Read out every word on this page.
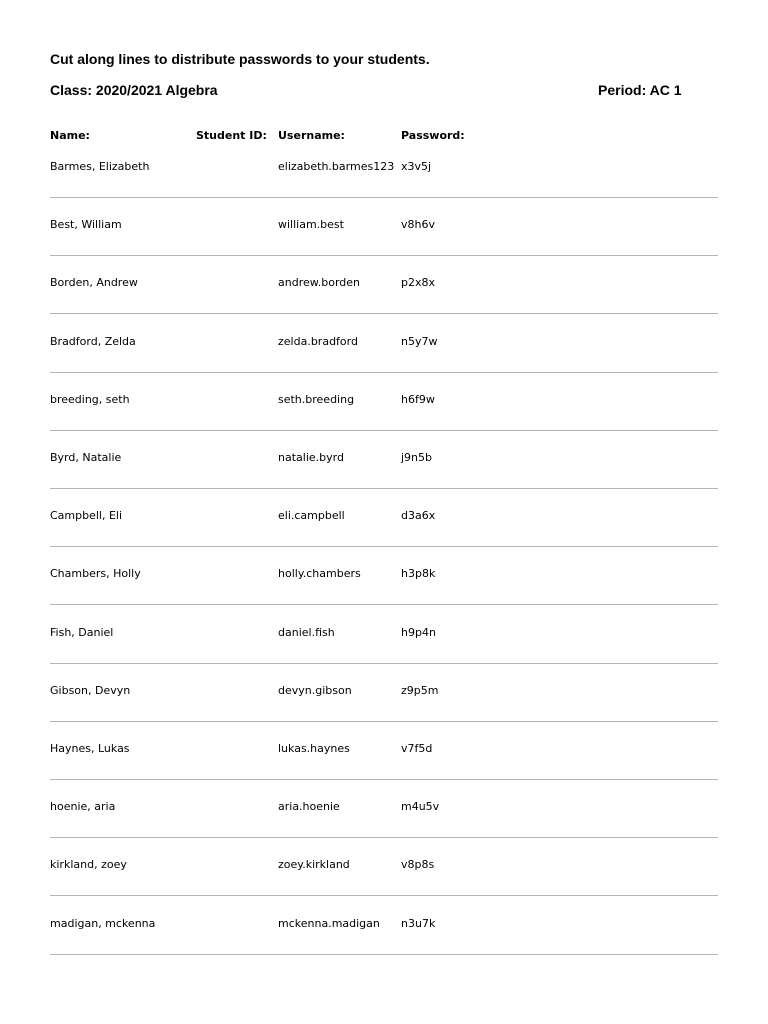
Cut along lines to distribute passwords to your students.
Class: 2020/2021 Algebra	Period: AC 1
Name:	Student ID: Username:	Password:
Barmes, Elizabeth	elizabeth.barmes123 x3v5j
Best, William	william.best	v8h6v
Borden, Andrew	andrew.borden	p2x8x
Bradford, Zelda	zelda.bradford	n5y7w
breeding, seth	seth.breeding	h6f9w
Byrd, Natalie	natalie.byrd	j9n5b
Campbell, Eli	eli.campbell	d3a6x
Chambers, Holly	holly.chambers	h3p8k
Fish, Daniel	daniel.fish	h9p4n
Gibson, Devyn	devyn.gibson	z9p5m
Haynes, Lukas	lukas.haynes	v7f5d
hoenie, aria	aria.hoenie	m4u5v
kirkland, zoey	zoey.kirkland	v8p8s
madigan, mckenna	mckenna.madigan n3u7k
